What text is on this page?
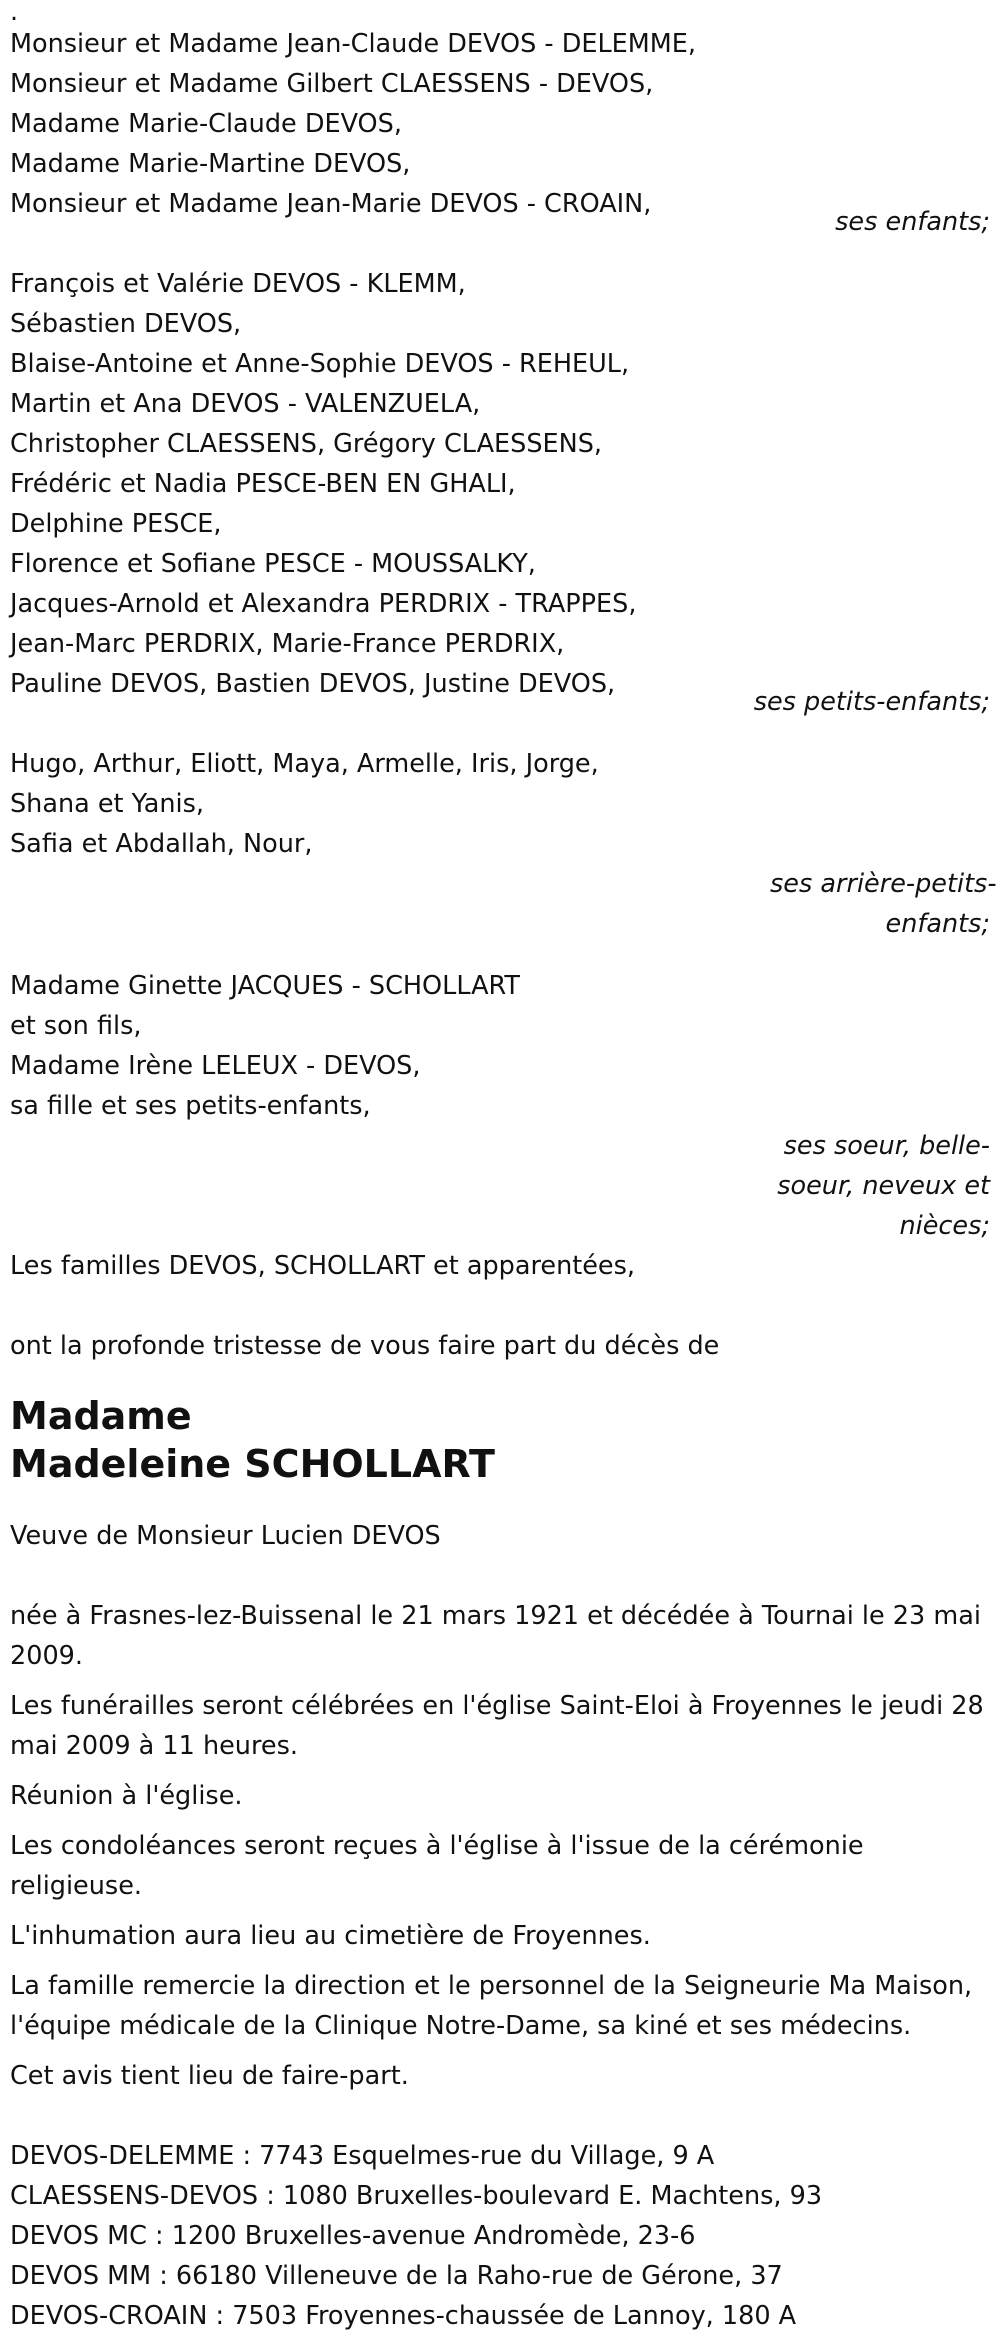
.
Monsieur et Madame Jean-Claude DEVOS - DELEMME,
Monsieur et Madame Gilbert CLAESSENS - DEVOS,
Madame Marie-Claude DEVOS,
Madame Marie-Martine DEVOS,
Monsieur et Madame Jean-Marie DEVOS - CROAIN,
ses enfants;
François et Valérie DEVOS - KLEMM,
Sébastien DEVOS,
Blaise-Antoine et Anne-Sophie DEVOS - REHEUL,
Martin et Ana DEVOS - VALENZUELA,
Christopher CLAESSENS, Grégory CLAESSENS,
Frédéric et Nadia PESCE-BEN EN GHALI,
Delphine PESCE,
Florence et Sofiane PESCE - MOUSSALKY,
Jacques-Arnold et Alexandra PERDRIX - TRAPPES,
Jean-Marc PERDRIX, Marie-France PERDRIX,
Pauline DEVOS, Bastien DEVOS, Justine DEVOS,
ses petits-enfants;
Hugo, Arthur, Eliott, Maya, Armelle, Iris, Jorge,
Shana et Yanis,
Safia et Abdallah, Nour,
ses arrière-petits-
enfants;
Madame Ginette JACQUES - SCHOLLART
et son fils,
Madame Irène LELEUX - DEVOS,
sa fille et ses petits-enfants,
ses soeur, belle-
soeur, neveux et
nièces;
Les familles DEVOS, SCHOLLART et apparentées,
ont la profonde tristesse de vous faire part du décès de
Madame
Madeleine SCHOLLART
Veuve de Monsieur Lucien DEVOS

née à Frasnes-lez-Buissenal le 21 mars 1921 et décédée à Tournai le 23 mai 2009.

Les funérailles seront célébrées en l'église Saint-Eloi à Froyennes le jeudi 28 mai 2009 à 11 heures.

Réunion à l'église.

Les condoléances seront reçues à l'église à l'issue de la cérémonie religieuse.

L'inhumation aura lieu au cimetière de Froyennes.

La famille remercie la direction et le personnel de la Seigneurie Ma Maison, l'équipe médicale de la Clinique Notre-Dame, sa kiné et ses médecins.

Cet avis tient lieu de faire-part.

DEVOS-DELEMME : 7743 Esquelmes-rue du Village, 9 A
CLAESSENS-DEVOS : 1080 Bruxelles-boulevard E. Machtens, 93
DEVOS MC : 1200 Bruxelles-avenue Andromède, 23-6
DEVOS MM : 66180 Villeneuve de la Raho-rue de Gérone, 37
DEVOS-CROAIN : 7503 Froyennes-chaussée de Lannoy, 180 A
